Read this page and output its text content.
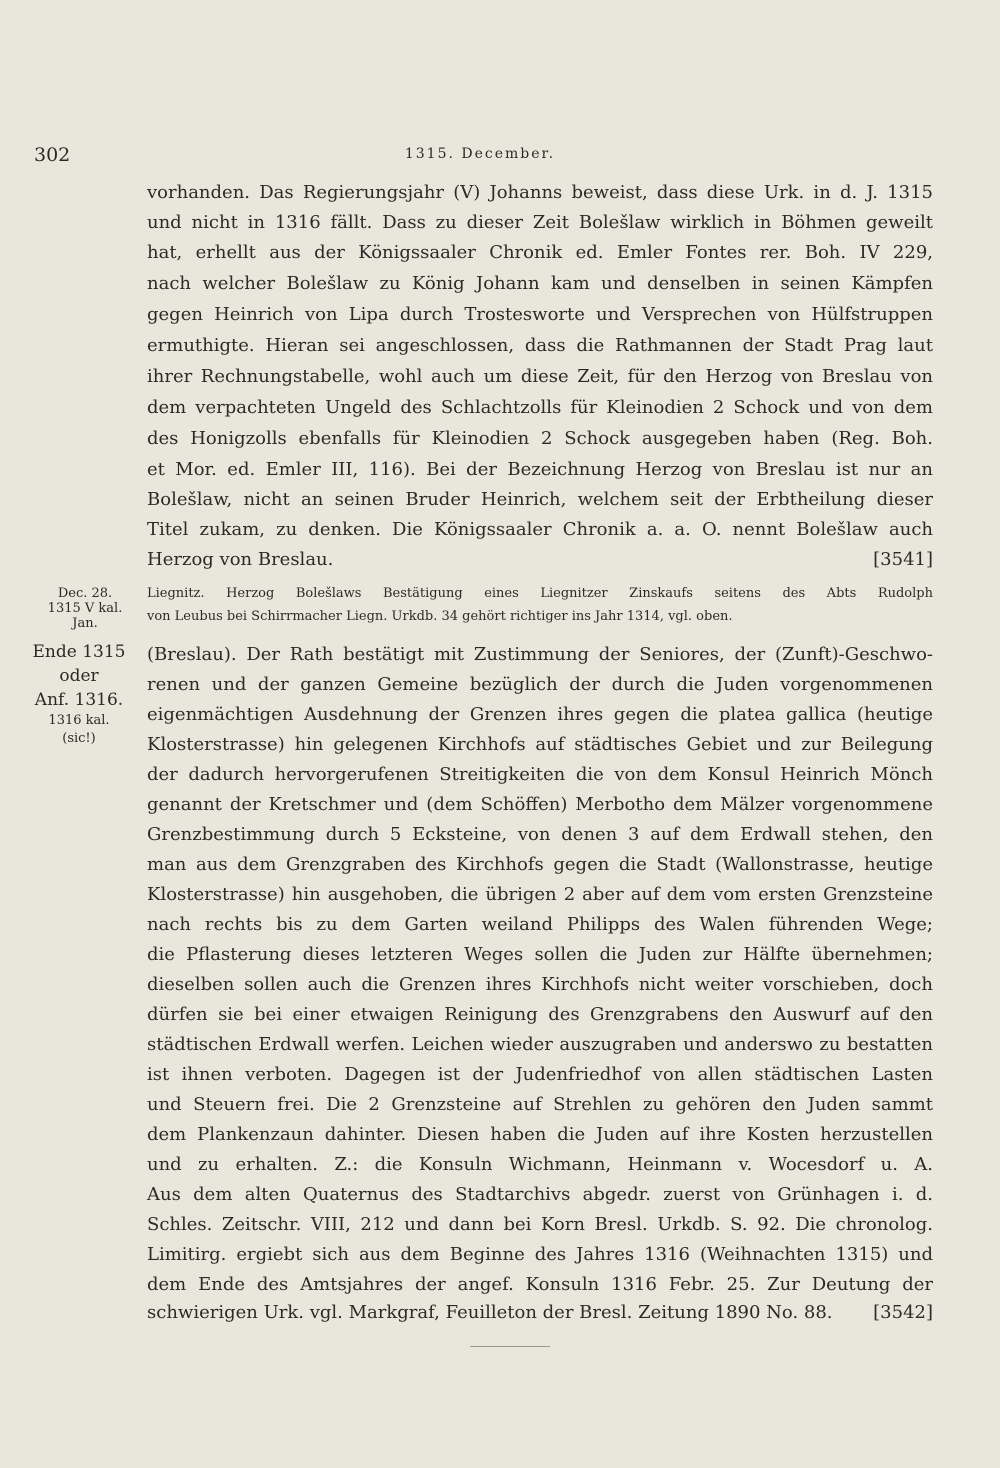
302	1315. December.
vorhanden. Das Regierungsjahr (V) Johanns beweist, dass diese Urk. in d. J. 1315
und nicht in 1316 fällt. Dass zu dieser Zeit Bolešlaw wirklich in Böhmen geweilt
hat, erhellt aus der Königssaaler Chronik ed. Emler Fontes rer. Boh. IV 229,
nach welcher Bolešlaw zu König Johann kam und denselben in seinen Kämpfen
gegen Heinrich von Lipa durch Trostesworte und Versprechen von Hülfstruppen
ermuthigte. Hieran sei angeschlossen, dass die Rathmannen der Stadt Prag laut
ihrer Rechnungstabelle, wohl auch um diese Zeit, für den Herzog von Breslau von
dem verpachteten Ungeld des Schlachtzolls für Kleinodien 2 Schock und von dem
des Honigzolls ebenfalls für Kleinodien 2 Schock ausgegeben haben (Reg. Boh.
et Mor. ed. Emler III, 116). Bei der Bezeichnung Herzog von Breslau ist nur an
Bolešlaw, nicht an seinen Bruder Heinrich, welchem seit der Erbtheilung dieser
Titel zukam, zu denken. Die Königssaaler Chronik a. a. O. nennt Bolešlaw auch
Herzog von Breslau.	[3541]
Dec. 28.
1315 V kal.
Jan.
Liegnitz. Herzog Bolešlaws Bestätigung eines Liegnitzer Zinskaufs seitens des Abts Rudolph
von Leubus bei Schirrmacher Liegn. Urkdb. 34 gehört richtiger ins Jahr 1314, vgl. oben.
Ende 1315
oder
Anf. 1316.
1316 kal.
(sic!)
(Breslau). Der Rath bestätigt mit Zustimmung der Seniores, der (Zunft)-Geschwo-
renen und der ganzen Gemeine bezüglich der durch die Juden vorgenommenen
eigenmächtigen Ausdehnung der Grenzen ihres gegen die platea gallica (heutige
Klosterstrasse) hin gelegenen Kirchhofs auf städtisches Gebiet und zur Beilegung
der dadurch hervorgerufenen Streitigkeiten die von dem Konsul Heinrich Mönch
genannt der Kretschmer und (dem Schöffen) Merbotho dem Mälzer vorgenommene
Grenzbestimmung durch 5 Ecksteine, von denen 3 auf dem Erdwall stehen, den
man aus dem Grenzgraben des Kirchhofs gegen die Stadt (Wallonstrasse, heutige
Klosterstrasse) hin ausgehoben, die übrigen 2 aber auf dem vom ersten Grenzsteine
nach rechts bis zu dem Garten weiland Philipps des Walen führenden Wege;
die Pflasterung dieses letzteren Weges sollen die Juden zur Hälfte übernehmen;
dieselben sollen auch die Grenzen ihres Kirchhofs nicht weiter vorschieben, doch
dürfen sie bei einer etwaigen Reinigung des Grenzgrabens den Auswurf auf den
städtischen Erdwall werfen. Leichen wieder auszugraben und anderswo zu bestatten
ist ihnen verboten. Dagegen ist der Judenfriedhof von allen städtischen Lasten
und Steuern frei. Die 2 Grenzsteine auf Strehlen zu gehören den Juden sammt
dem Plankenzaun dahinter. Diesen haben die Juden auf ihre Kosten herzustellen
und zu erhalten. Z.: die Konsuln Wichmann, Heinmann v. Wocesdorf u. A.
Aus dem alten Quaternus des Stadtarchivs abgedr. zuerst von Grünhagen i. d.
Schles. Zeitschr. VIII, 212 und dann bei Korn Bresl. Urkdb. S. 92. Die chronolog.
Limitirg. ergiebt sich aus dem Beginne des Jahres 1316 (Weihnachten 1315) und
dem Ende des Amtsjahres der angef. Konsuln 1316 Febr. 25. Zur Deutung der
schwierigen Urk. vgl. Markgraf, Feuilleton der Bresl. Zeitung 1890 No. 88. [3542]
